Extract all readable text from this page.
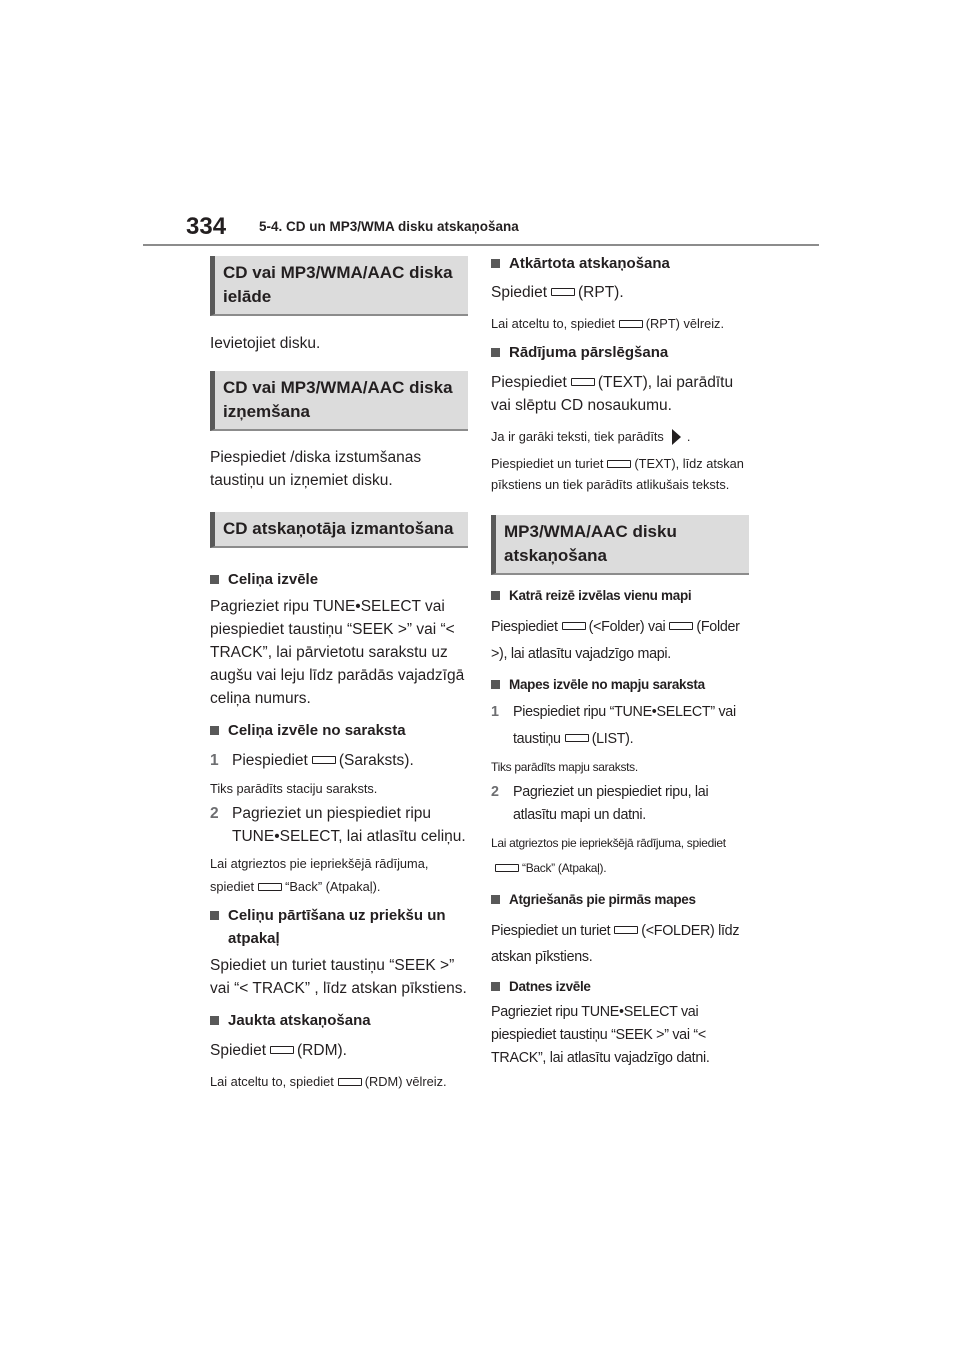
334 5-4. CD un MP3/WMA disku atskaņošana
CD vai MP3/WMA/AAC diska ielāde

Ievietojiet disku.

CD vai MP3/WMA/AAC diska izņemšana

Piespiediet /diska izstumšanas taustiņu un izņemiet disku.

CD atskaņotāja izmantošana

Celiņa izvēle

Pagrieziet ripu TUNE•SELECT vai piespiediet taustiņu “SEEK >” vai “< TRACK”, lai pārvietotu sarakstu uz augšu vai leju līdz parādās vajadzīgā celiņa numurs.

Celiņa izvēle no saraksta

1 Piespiediet (Saraksts).

Tiks parādīts staciju saraksts.

2 Pagrieziet un piespiediet ripu TUNE•SELECT, lai atlasītu celiņu.

Lai atgrieztos pie iepriekšējā rādījuma, spiediet “Back” (Atpakaļ).

Celiņu pārtīšana uz priekšu un atpakaļ

Spiediet un turiet taustiņu “SEEK >” vai “< TRACK” , līdz atskan pīkstiens.

Jaukta atskaņošana

Spiediet (RDM).

Lai atceltu to, spiediet (RDM) vēlreiz.

Atkārtota atskaņošana

Spiediet (RPT).

Lai atceltu to, spiediet (RPT) vēlreiz.

Rādījuma pārslēgšana

Piespiediet (TEXT), lai parādītu vai slēptu CD nosaukumu.

Ja ir garāki teksti, tiek parādīts .

Piespiediet un turiet (TEXT), līdz atskan pīkstiens un tiek parādīts atlikušais teksts.

MP3/WMA/AAC disku atskaņošana

Katrā reizē izvēlas vienu mapi

Piespiediet (<Folder) vai (Folder >), lai atlasītu vajadzīgo mapi.

Mapes izvēle no mapju saraksta

1 Piespiediet ripu “TUNE•SELECT” vai taustiņu (LIST).

Tiks parādīts mapju saraksts.

2 Pagrieziet un piespiediet ripu, lai atlasītu mapi un datni.

Lai atgrieztos pie iepriekšējā rādījuma, spiediet“Back” (Atpakaļ).

Atgriešanās pie pirmās mapes

Piespiediet un turiet (<FOLDER) līdz atskan pīkstiens.

Datnes izvēle

Pagrieziet ripu TUNE•SELECT vai piespiediet taustiņu “SEEK >” vai “< TRACK”, lai atlasītu vajadzīgo datni.
